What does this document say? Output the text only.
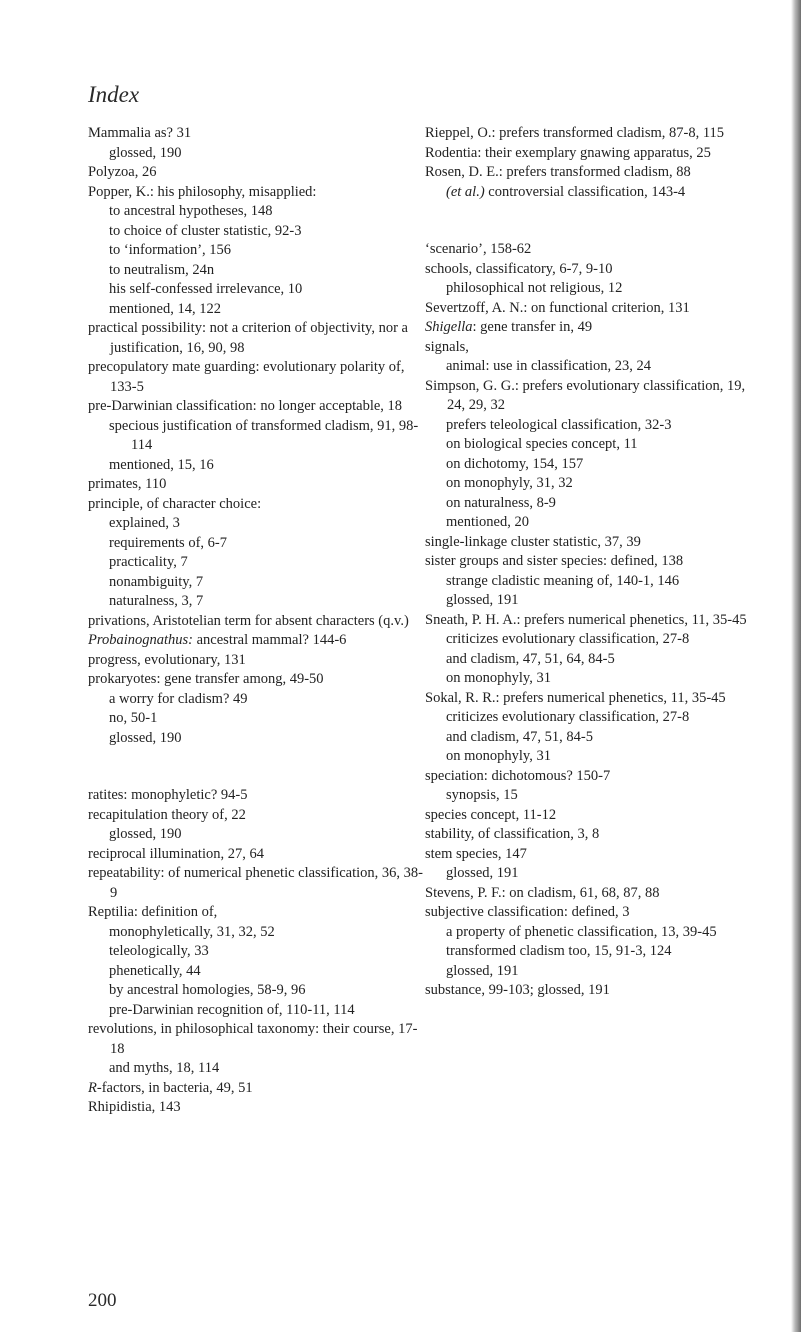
Index

Mammalia as? 31

glossed, 190

Polyzoa, 26

Popper, K.: his philosophy, misapplied:

to ancestral hypotheses, 148

to choice of cluster statistic, 92-3

to ‘information’, 156

to neutralism, 24n

his self-confessed irrelevance, 10

mentioned, 14, 122

practical possibility: not a criterion of objectivity, nor a justification, 16, 90, 98

precopulatory mate guarding: evolutionary polarity of, 133-5

pre-Darwinian classification: no longer acceptable, 18

specious justification of transformed cladism, 91, 98-114

mentioned, 15, 16

primates, 110

principle, of character choice:

explained, 3

requirements of, 6-7

practicality, 7

nonambiguity, 7

naturalness, 3, 7

privations, Aristotelian term for absent characters (q.v.)

Probainognathus: ancestral mammal? 144-6

progress, evolutionary, 131

prokaryotes: gene transfer among, 49-50

a worry for cladism? 49

no, 50-1

glossed, 190

ratites: monophyletic? 94-5

recapitulation theory of, 22

glossed, 190

reciprocal illumination, 27, 64

repeatability: of numerical phenetic classification, 36, 38-9

Reptilia: definition of,

monophyletically, 31, 32, 52

teleologically, 33

phenetically, 44

by ancestral homologies, 58-9, 96

pre-Darwinian recognition of, 110-11, 114

revolutions, in philosophical taxonomy: their course, 17-18

and myths, 18, 114

R-factors, in bacteria, 49, 51

Rhipidistia, 143

Rieppel, O.: prefers transformed cladism, 87-8, 115

Rodentia: their exemplary gnawing apparatus, 25

Rosen, D. E.: prefers transformed cladism, 88

(et al.) controversial classification, 143-4

‘scenario’, 158-62

schools, classificatory, 6-7, 9-10

philosophical not religious, 12

Severtzoff, A. N.: on functional criterion, 131

Shigella: gene transfer in, 49

signals,

animal: use in classification, 23, 24

Simpson, G. G.: prefers evolutionary classification, 19, 24, 29, 32

prefers teleological classification, 32-3

on biological species concept, 11

on dichotomy, 154, 157

on monophyly, 31, 32

on naturalness, 8-9

mentioned, 20

single-linkage cluster statistic, 37, 39

sister groups and sister species: defined, 138

strange cladistic meaning of, 140-1, 146

glossed, 191

Sneath, P. H. A.: prefers numerical phenetics, 11, 35-45

criticizes evolutionary classification, 27-8

and cladism, 47, 51, 64, 84-5

on monophyly, 31

Sokal, R. R.: prefers numerical phenetics, 11, 35-45

criticizes evolutionary classification, 27-8

and cladism, 47, 51, 84-5

on monophyly, 31

speciation: dichotomous? 150-7

synopsis, 15

species concept, 11-12

stability, of classification, 3, 8

stem species, 147

glossed, 191

Stevens, P. F.: on cladism, 61, 68, 87, 88

subjective classification: defined, 3

a property of phenetic classification, 13, 39-45

transformed cladism too, 15, 91-3, 124

glossed, 191

substance, 99-103; glossed, 191

200
